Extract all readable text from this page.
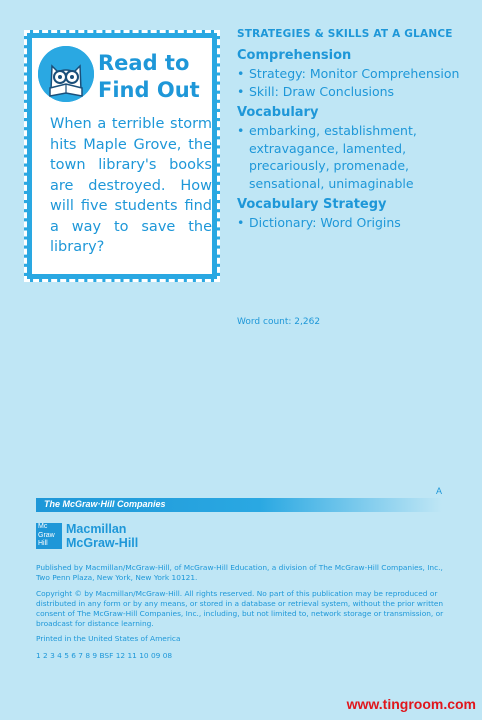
Read to
Find Out
When a terrible storm hits Maple Grove, the town library's books are destroyed. How will five students find a way to save the library?
STRATEGIES & SKILLS AT A GLANCE
Comprehension
• Strategy: Monitor Comprehension
• Skill: Draw Conclusions
Vocabulary
• embarking, establishment, extravagance, lamented, precariously, promenade, sensational, unimaginable
Vocabulary Strategy
• Dictionary: Word Origins
Word count: 2,262
A
The McGraw·Hill Companies
Mc
Graw
Hill
Macmillan
McGraw-Hill
Published by Macmillan/McGraw-Hill, of McGraw-Hill Education, a division of The McGraw-Hill Companies, Inc., Two Penn Plaza, New York, New York 10121.
Copyright © by Macmillan/McGraw-Hill. All rights reserved. No part of this publication may be reproduced or distributed in any form or by any means, or stored in a database or retrieval system, without the prior written consent of The McGraw-Hill Companies, Inc., including, but not limited to, network storage or transmission, or broadcast for distance learning.
Printed in the United States of America
1 2 3 4 5 6 7 8 9 BSF 12 11 10 09 08
www.tingroom.com
